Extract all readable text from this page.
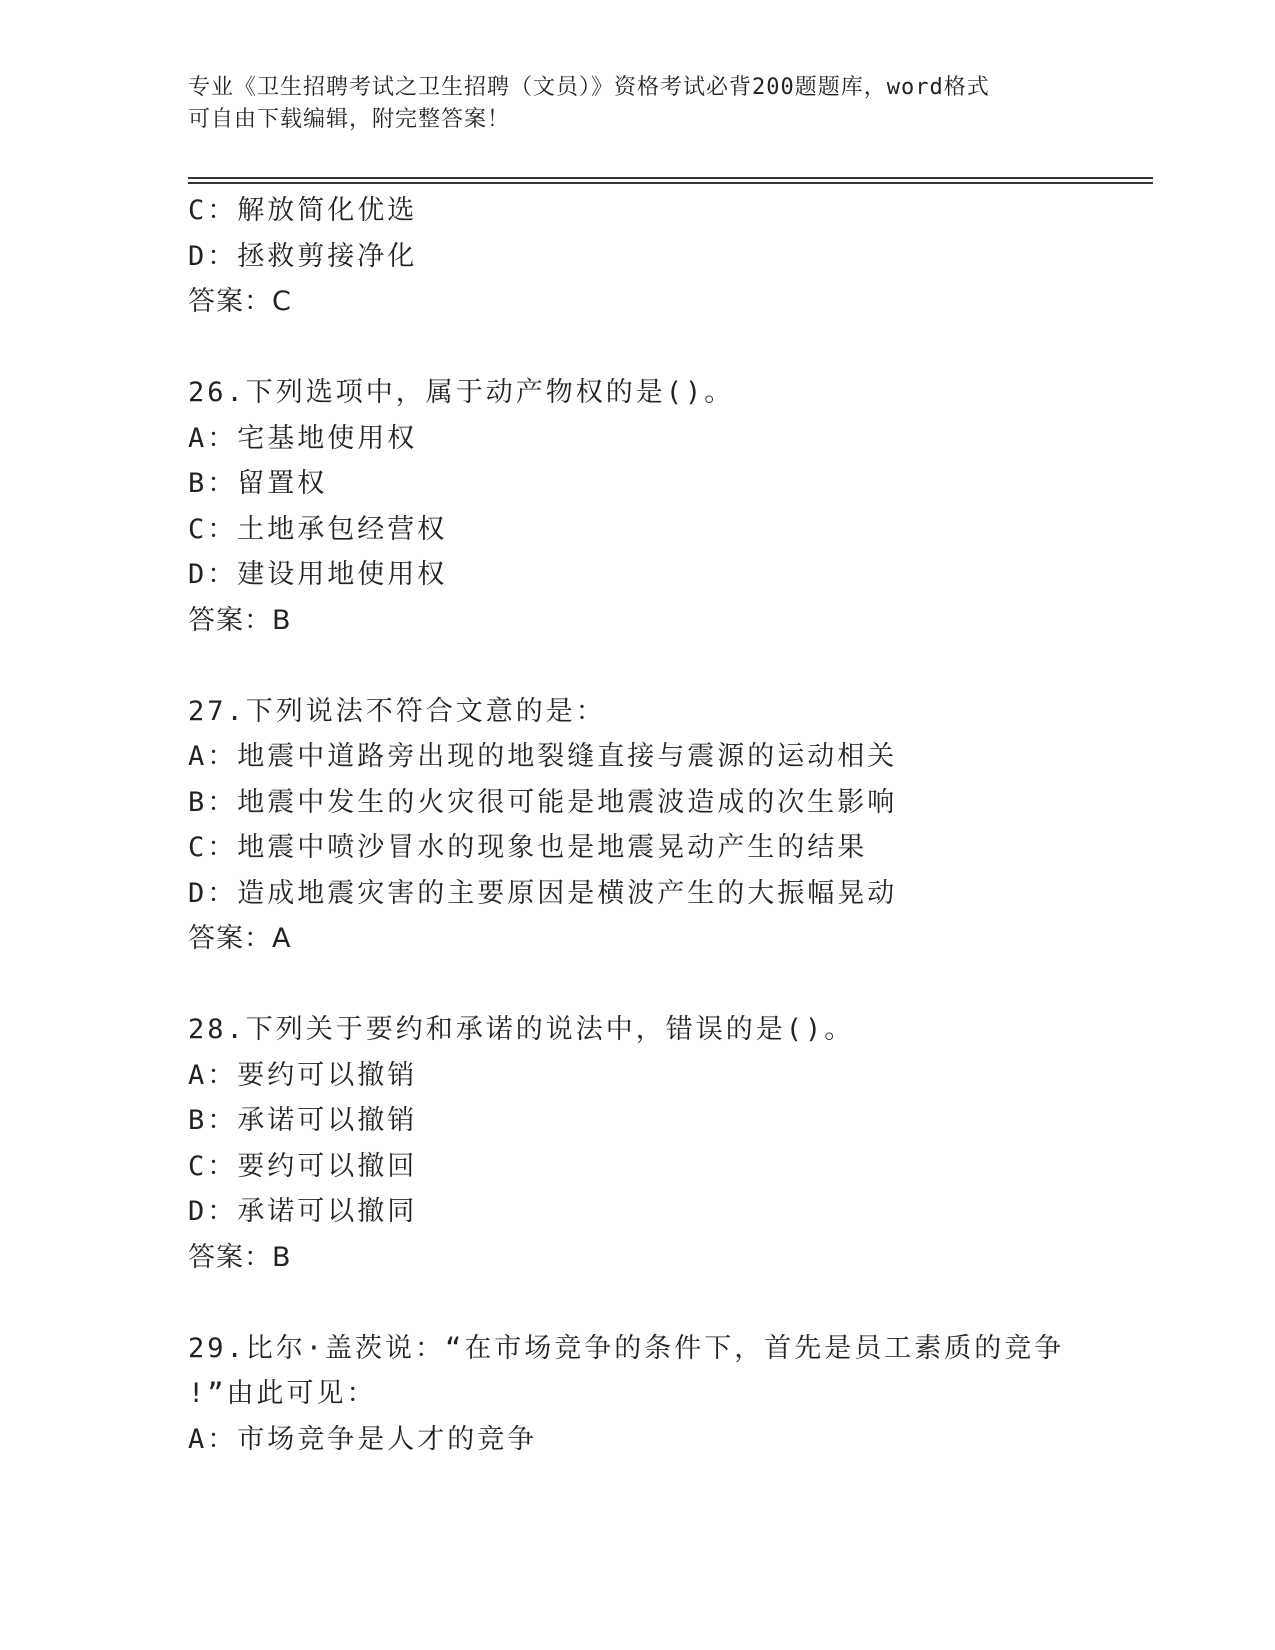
专业《卫生招聘考试之卫生招聘（文员）》资格考试必背200题题库，word格式
可自由下载编辑，附完整答案！
C：解放简化优选
D：拯救剪接净化
答案：C
26.下列选项中，属于动产物权的是()。
A：宅基地使用权
B：留置权
C：土地承包经营权
D：建设用地使用权
答案：B
27.下列说法不符合文意的是：
A：地震中道路旁出现的地裂缝直接与震源的运动相关
B：地震中发生的火灾很可能是地震波造成的次生影响
C：地震中喷沙冒水的现象也是地震晃动产生的结果
D：造成地震灾害的主要原因是横波产生的大振幅晃动
答案：A
28.下列关于要约和承诺的说法中，错误的是()。
A：要约可以撤销
B：承诺可以撤销
C：要约可以撤回
D：承诺可以撤同
答案：B
29.比尔·盖茨说：“在市场竞争的条件下，首先是员工素质的竞争
!”由此可见：
A：市场竞争是人才的竞争
